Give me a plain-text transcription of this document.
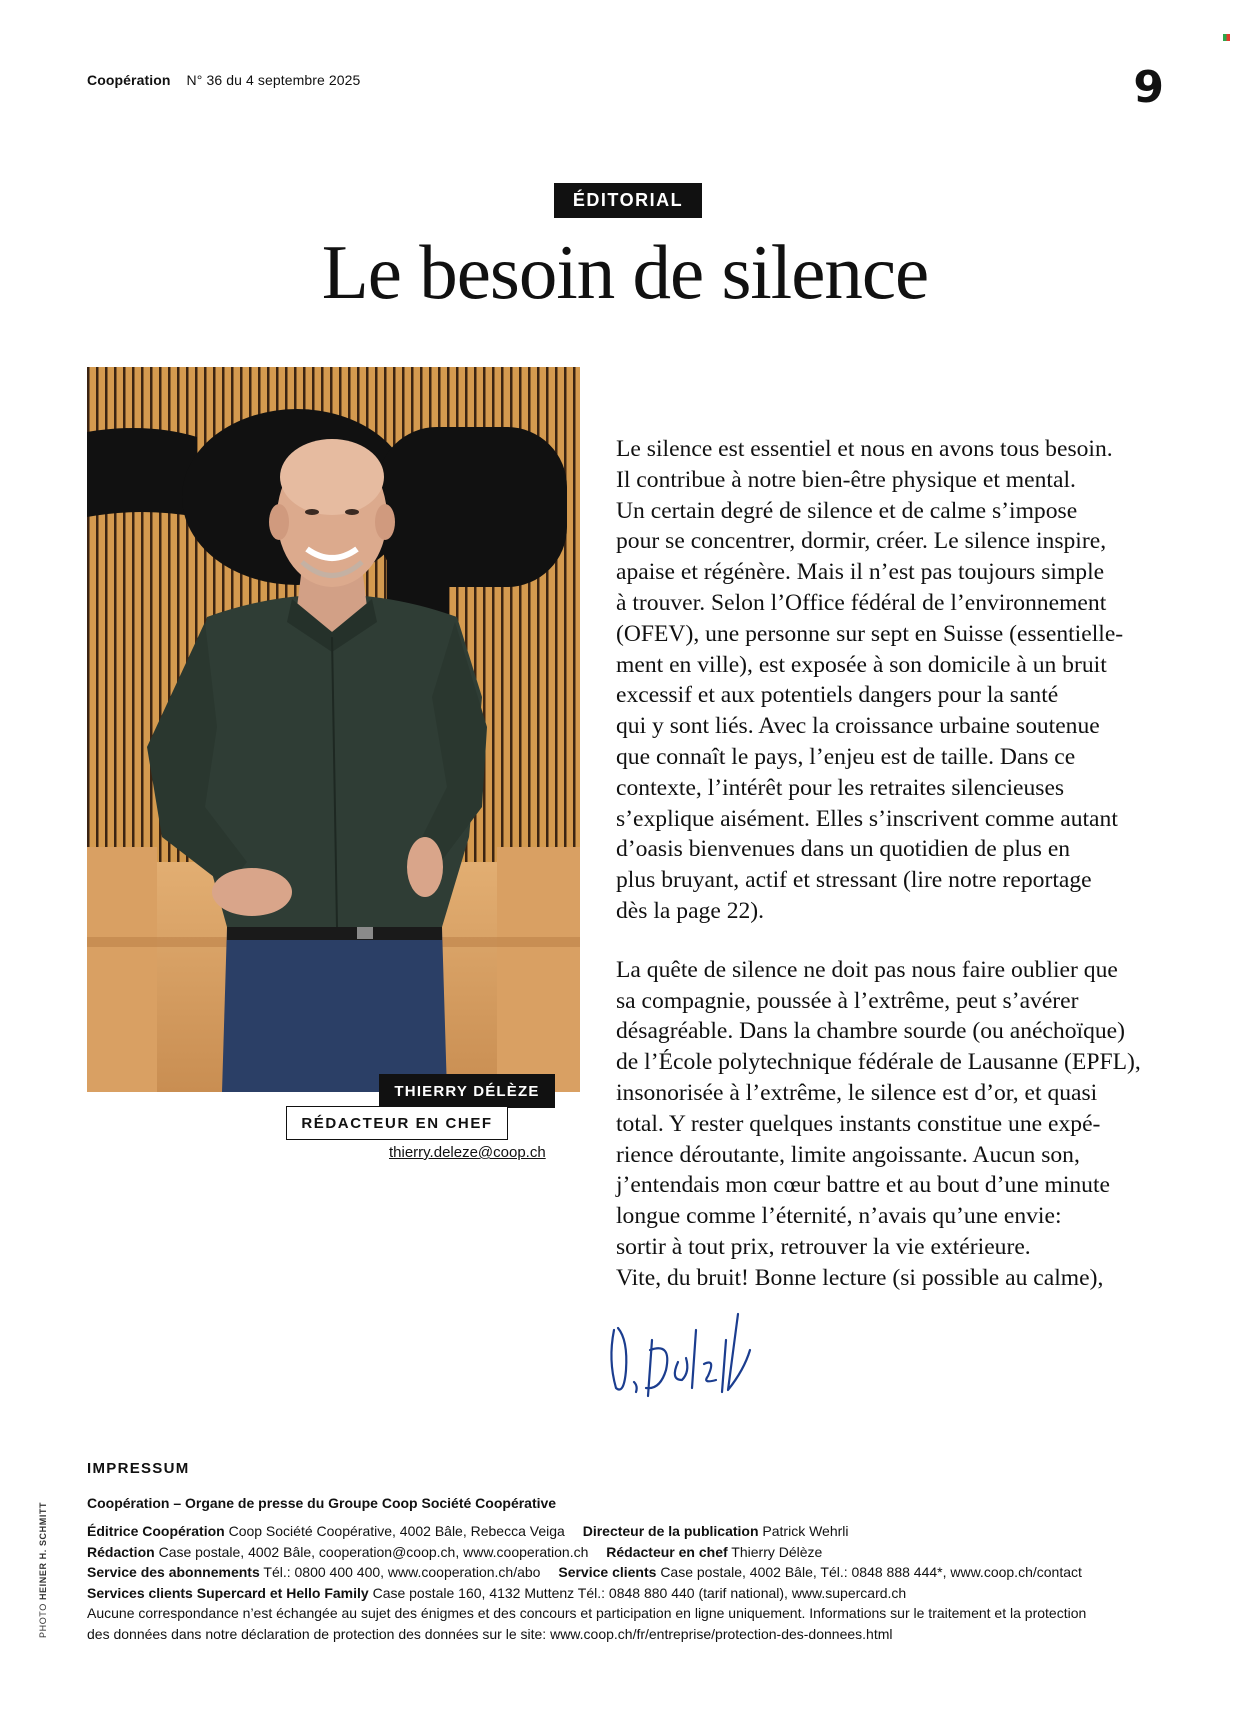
Coopération N° 36 du 4 septembre 2025	9
ÉDITORIAL
Le besoin de silence
THIERRY DÉLÈZE
RÉDACTEUR EN CHEF
thierry.deleze@coop.ch

Le silence est essentiel et nous en avons tous besoin.
Il contribue à notre bien-être physique et mental.
Un certain degré de silence et de calme s’impose
pour se concentrer, dormir, créer. Le silence inspire,
apaise et régénère. Mais il n’est pas toujours simple
à trouver. Selon l’Office fédéral de l’environnement
(OFEV), une personne sur sept en Suisse (essentielle-
ment en ville), est exposée à son domicile à un bruit
excessif et aux potentiels dangers pour la santé
qui y sont liés. Avec la croissance urbaine soutenue
que connaît le pays, l’enjeu est de taille. Dans ce
contexte, l’intérêt pour les retraites silencieuses
s’explique aisément. Elles s’inscrivent comme autant
d’oasis bienvenues dans un quotidien de plus en
plus bruyant, actif et stressant (lire notre reportage
dès la page 22).

La quête de silence ne doit pas nous faire oublier que
sa compagnie, poussée à l’extrême, peut s’avérer
désagréable. Dans la chambre sourde (ou anéchoïque)
de l’École polytechnique fédérale de Lausanne (EPFL),
insonorisée à l’extrême, le silence est d’or, et quasi
total. Y rester quelques instants constitue une expé-
rience déroutante, limite angoissante. Aucun son,
j’entendais mon cœur battre et au bout d’une minute
longue comme l’éternité, n’avais qu’une envie:
sortir à tout prix, retrouver la vie extérieure.
Vite, du bruit! Bonne lecture (si possible au calme),

IMPRESSUM
Coopération – Organe de presse du Groupe Coop Société Coopérative
Éditrice Coopération Coop Société Coopérative, 4002 Bâle, Rebecca Veiga Directeur de la publication Patrick Wehrli
Rédaction Case postale, 4002 Bâle, cooperation@coop.ch, www.cooperation.ch Rédacteur en chef Thierry Délèze
Service des abonnements Tél.: 0800 400 400, www.cooperation.ch/abo Service clients Case postale, 4002 Bâle, Tél.: 0848 888 444*, www.coop.ch/contact
Services clients Supercard et Hello Family Case postale 160, 4132 Muttenz Tél.: 0848 880 440 (tarif national), www.supercard.ch
Aucune correspondance n’est échangée au sujet des énigmes et des concours et participation en ligne uniquement. Informations sur le traitement et la protection
des données dans notre déclaration de protection des données sur le site: www.coop.ch/fr/entreprise/protection-des-donnees.html
PHOTO HEINER H. SCHMITT
